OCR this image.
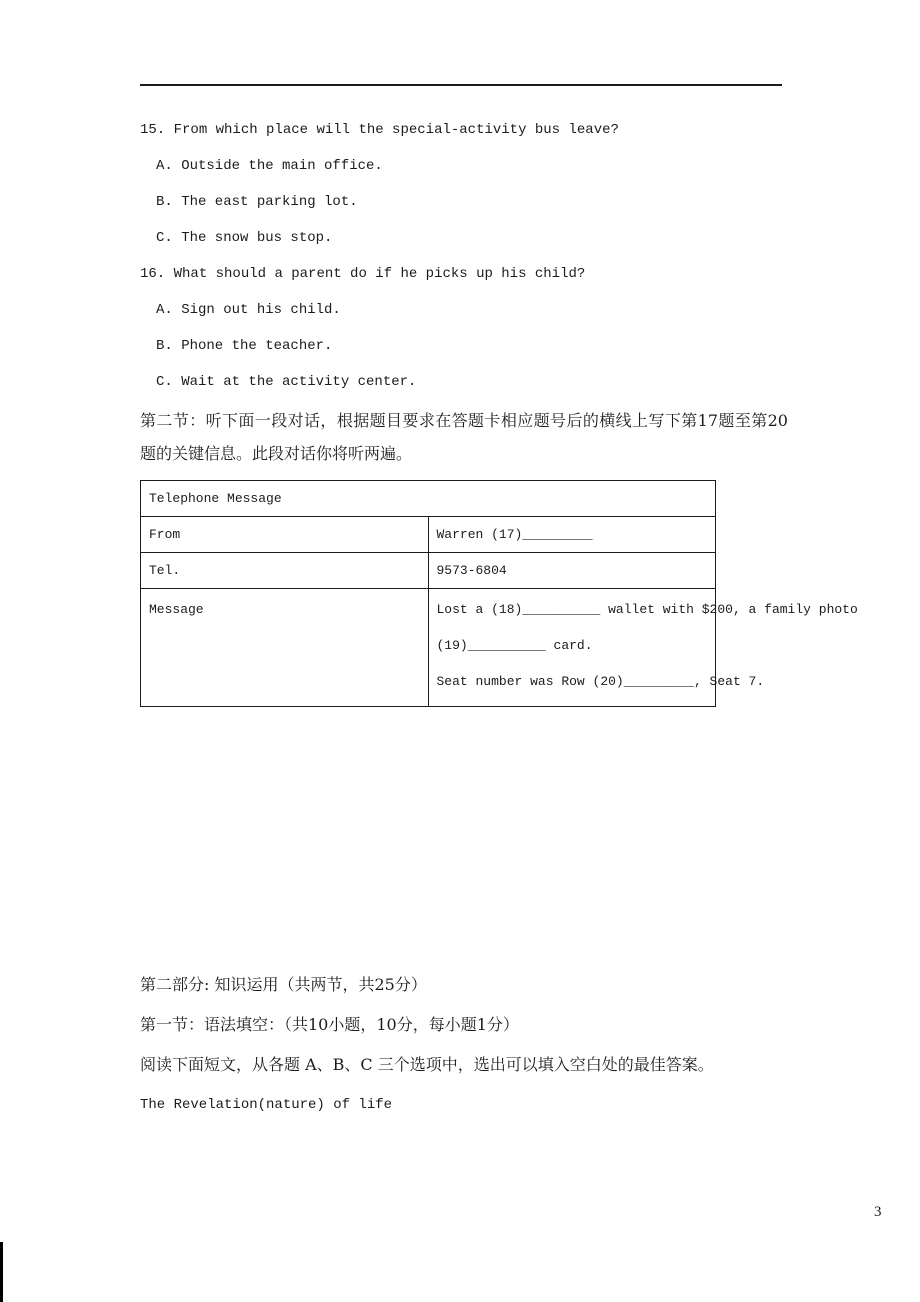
15. From which place will the special-activity bus leave?

A. Outside the main office.

B. The east parking lot.

C. The snow bus stop.

16. What should a parent do if he picks up his child?

A. Sign out his child.

B. Phone the teacher.

C. Wait at the activity center.

第二节：听下面一段对话，根据题目要求在答题卡相应题号后的横线上写下第17题至第20题的关键信息。此段对话你将听两遍。

Telephone Message	
From	Warren (17)_________
Tel.	9573-6804
Message	Lost a (18)__________ wallet with $200, a family photo

(19)__________ card.

Seat number was Row (20)_________, Seat 7.

第二部分: 知识运用（共两节，共25分）

第一节：语法填空：（共10小题，10分，每小题1分）

阅读下面短文，从各题 A、B、C 三个选项中，选出可以填入空白处的最佳答案。

The Revelation(nature) of life

3
